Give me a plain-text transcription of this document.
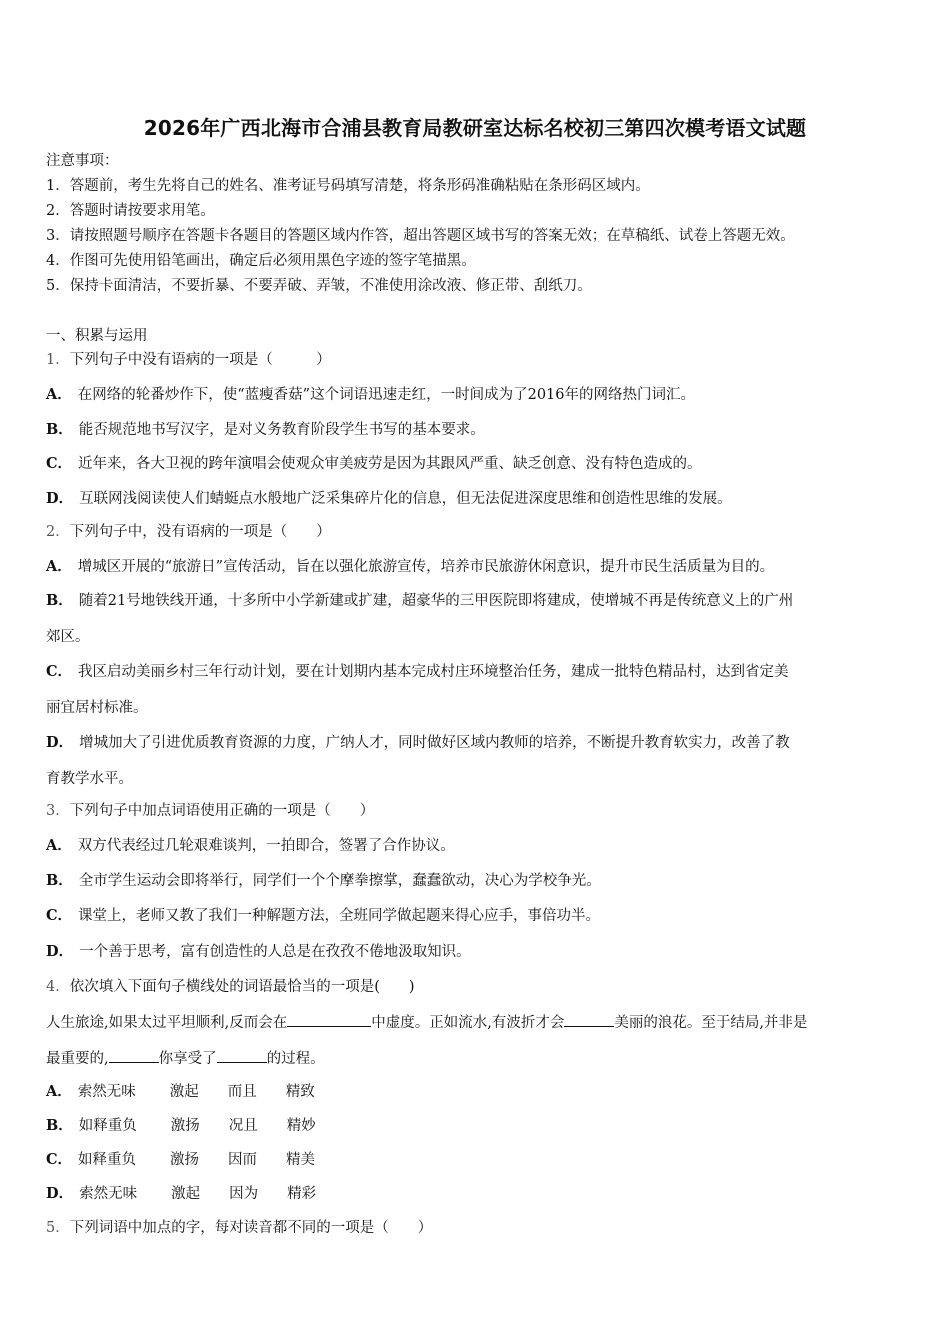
2026年广西北海市合浦县教育局教研室达标名校初三第四次模考语文试题
注意事项：
1．答题前，考生先将自己的姓名、准考证号码填写清楚，将条形码准确粘贴在条形码区域内。
2．答题时请按要求用笔。
3．请按照题号顺序在答题卡各题目的答题区域内作答，超出答题区域书写的答案无效；在草稿纸、试卷上答题无效。
4．作图可先使用铅笔画出，确定后必须用黑色字迹的签字笔描黑。
5．保持卡面清洁，不要折暴、不要弄破、弄皱，不准使用涂改液、修正带、刮纸刀。
一、积累与运用
1．下列句子中没有语病的一项是（　　　）
A． 在网络的轮番炒作下，使“蓝瘦香菇”这个词语迅速走红，一时间成为了2016年的网络热门词汇。
B． 能否规范地书写汉字，是对义务教育阶段学生书写的基本要求。
C． 近年来，各大卫视的跨年演唱会使观众审美疲劳是因为其跟风严重、缺乏创意、没有特色造成的。
D． 互联网浅阅读使人们蜻蜓点水般地广泛采集碎片化的信息，但无法促进深度思维和创造性思维的发展。
2．下列句子中，没有语病的一项是（　　）
A． 增城区开展的“旅游日”宣传活动，旨在以强化旅游宣传，培养市民旅游休闲意识，提升市民生活质量为目的。
B． 随着21号地铁线开通，十多所中小学新建或扩建，超豪华的三甲医院即将建成，使增城不再是传统意义上的广州
郊区。
C． 我区启动美丽乡村三年行动计划，要在计划期内基本完成村庄环境整治任务，建成一批特色精品村，达到省定美
丽宜居村标准。
D． 增城加大了引进优质教育资源的力度，广纳人才，同时做好区域内教师的培养，不断提升教育软实力，改善了教
育教学水平。
3．下列句子中加点词语使用正确的一项是（　　）
A． 双方代表经过几轮艰难谈判，一拍即合，签署了合作协议。
B． 全市学生运动会即将举行，同学们一个个摩拳擦掌，蠢蠢欲动，决心为学校争光。
C． 课堂上，老师又教了我们一种解题方法，全班同学做起题来得心应手，事倍功半。
D． 一个善于思考，富有创造性的人总是在孜孜不倦地汲取知识。
4．依次填入下面句子横线处的词语最恰当的一项是(　　)
人生旅途,如果太过平坦顺利,反而会在	中虚度。正如流水,有波折才会	美丽的浪花。至于结局,并非是
最重要的,	你享受了	的过程。
A． 索然无味 激起 而且 精致
B． 如释重负 激扬 况且 精妙
C． 如释重负 激扬 因而 精美
D． 索然无味 激起 因为 精彩
5．下列词语中加点的字，每对读音都不同的一项是（　　）
